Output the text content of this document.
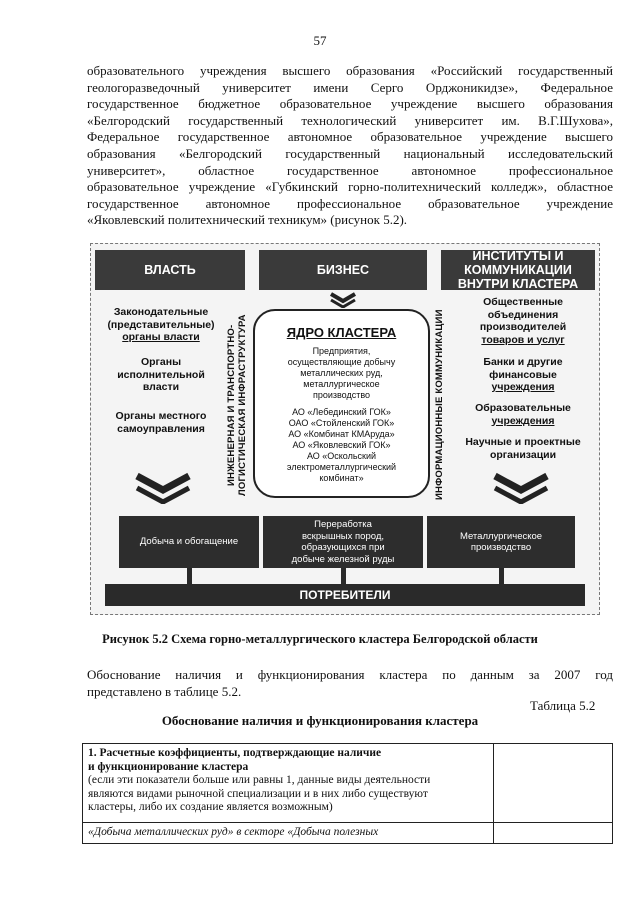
57
образовательного учреждения высшего образования «Российский государственный
геологоразведочный университет имени Серго Орджоникидзе», Федеральное
государственное бюджетное образовательное учреждение высшего образования
«Белгородский государственный технологический университет им. В.Г.Шухова»,
Федеральное государственное автономное образовательное учреждение высшего
образования «Белгородский государственный национальный исследовательский
университет», областное государственное автономное профессиональное
образовательное учреждение «Губкинский горно-политехнический колледж», областное
государственное автономное профессиональное образовательное учреждение
«Яковлевский политехнический техникум» (рисунок 5.2).
ВЛАСТЬ	БИЗНЕС
ИНСТИТУТЫ И
КОММУНИКАЦИИ
ВНУТРИ КЛАСТЕРА
Законодательные
(представительные)
органы власти
Органы
исполнительной
власти
Органы местного
самоуправления	ИНЖЕНЕРНАЯ И ТРАНСПОРТНО-
ЛОГИСТИЧЕСКАЯ ИНФРАСТРУКТУРА	ЯДРО КЛАСТЕРА
Предприятия,
осуществляющие добычу
металлических руд,
металлургическое
производство
АО «Лебединский ГОК»
ОАО «Стойленский ГОК»
АО «Комбинат КМАруда»
АО «Яковлевский ГОК»
АО «Оскольский
электрометаллургический
комбинат»	ИНФОРМАЦИОННЫЕ КОММУНИКАЦИИ
Общественные
объединения
производителей
товаров и услуг
Банки и другие
финансовые
учреждения
Образовательные
учреждения
Научные и проектные
организации
Добыча и обогащение
Переработка
вскрышных пород,
образующихся при
добыче железной руды
Металлургическое
производство
ПОТРЕБИТЕЛИ
Рисунок 5.2 Схема горно-металлургического кластера Белгородской области
Обоснование наличия и функционирования кластера по данным за 2007 год
представлено в таблице 5.2.
Таблица 5.2
Обоснование наличия и функционирования кластера
1. Расчетные коэффициенты, подтверждающие наличие
и функционирование кластера
(если эти показатели больше или равны 1, данные виды деятельности
являются видами рыночной специализации и в них либо существуют
кластеры, либо их создание является возможным)	

«Добыча металлических руд» в секторе «Добыча полезных	
